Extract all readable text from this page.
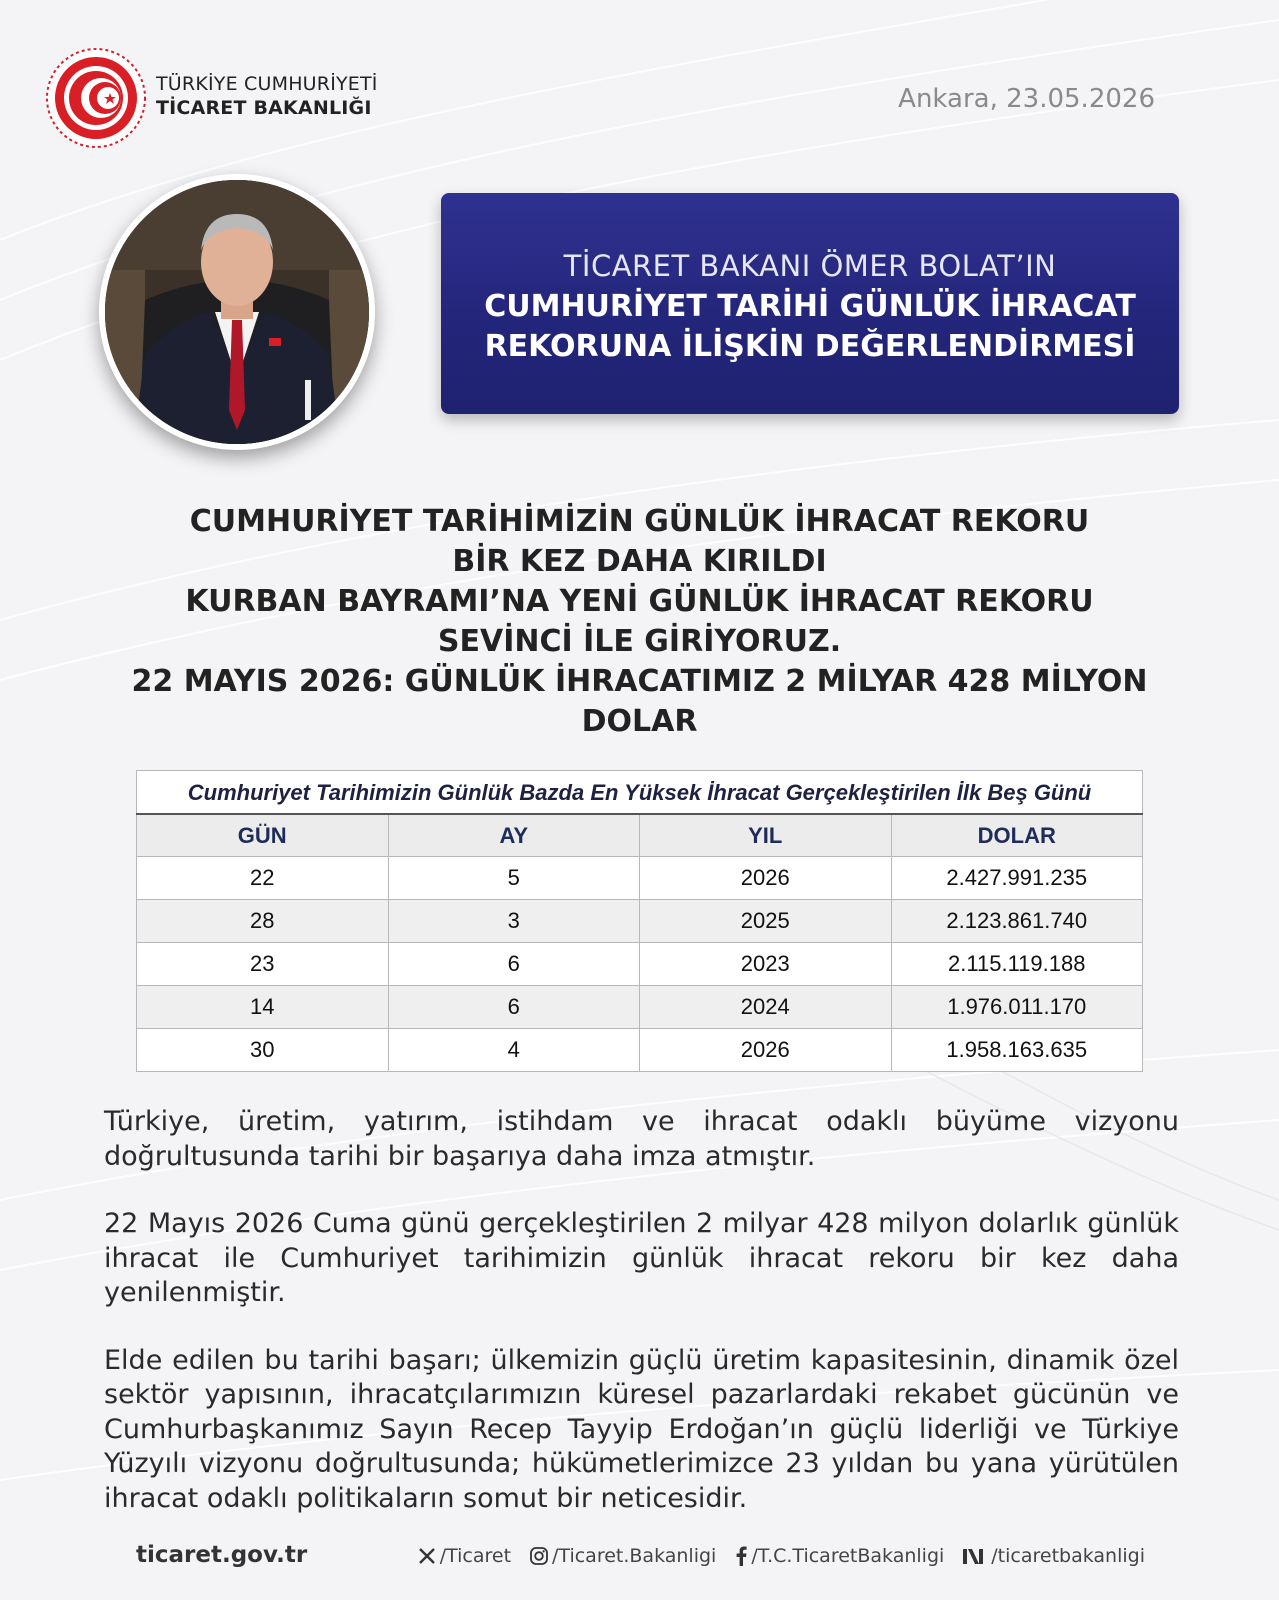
TÜRKİYE CUMHURİYETİ
TİCARET BAKANLIĞI	Ankara, 23.05.2026
TİCARET BAKANI ÖMER BOLAT’IN
CUMHURİYET TARİHİ GÜNLÜK İHRACAT
REKORUNA İLİŞKİN DEĞERLENDİRMESİ
CUMHURİYET TARİHİMİZİN GÜNLÜK İHRACAT REKORU
BİR KEZ DAHA KIRILDI
KURBAN BAYRAMI’NA YENİ GÜNLÜK İHRACAT REKORU
SEVİNCİ İLE GİRİYORUZ.
22 MAYIS 2026: GÜNLÜK İHRACATIMIZ 2 MİLYAR 428 MİLYON
DOLAR
Cumhuriyet Tarihimizin Günlük Bazda En Yüksek İhracat Gerçekleştirilen İlk Beş Günü
GÜN	AY	YIL	DOLAR
22	5	2026	2.427.991.235
28	3	2025	2.123.861.740
23	6	2023	2.115.119.188
14	6	2024	1.976.011.170
30	4	2026	1.958.163.635

Türkiye, üretim, yatırım, istihdam ve ihracat odaklı büyüme vizyonu doğrultusunda tarihi bir başarıya daha imza atmıştır.

22 Mayıs 2026 Cuma günü gerçekleştirilen 2 milyar 428 milyon dolarlık günlük ihracat ile Cumhuriyet tarihimizin günlük ihracat rekoru bir kez daha yenilenmiştir.

Elde edilen bu tarihi başarı; ülkemizin güçlü üretim kapasitesinin, dinamik özel sektör yapısının, ihracatçılarımızın küresel pazarlardaki rekabet gücünün ve Cumhurbaşkanımız Sayın Recep Tayyip Erdoğan’ın güçlü liderliği ve Türkiye Yüzyılı vizyonu doğrultusunda; hükümetlerimizce 23 yıldan bu yana yürütülen ihracat odaklı politikaların somut bir neticesidir.

ticaret.gov.tr	/Ticaret /Ticaret.Bakanligi /T.C.TicaretBakanligi /ticaretbakanligi
